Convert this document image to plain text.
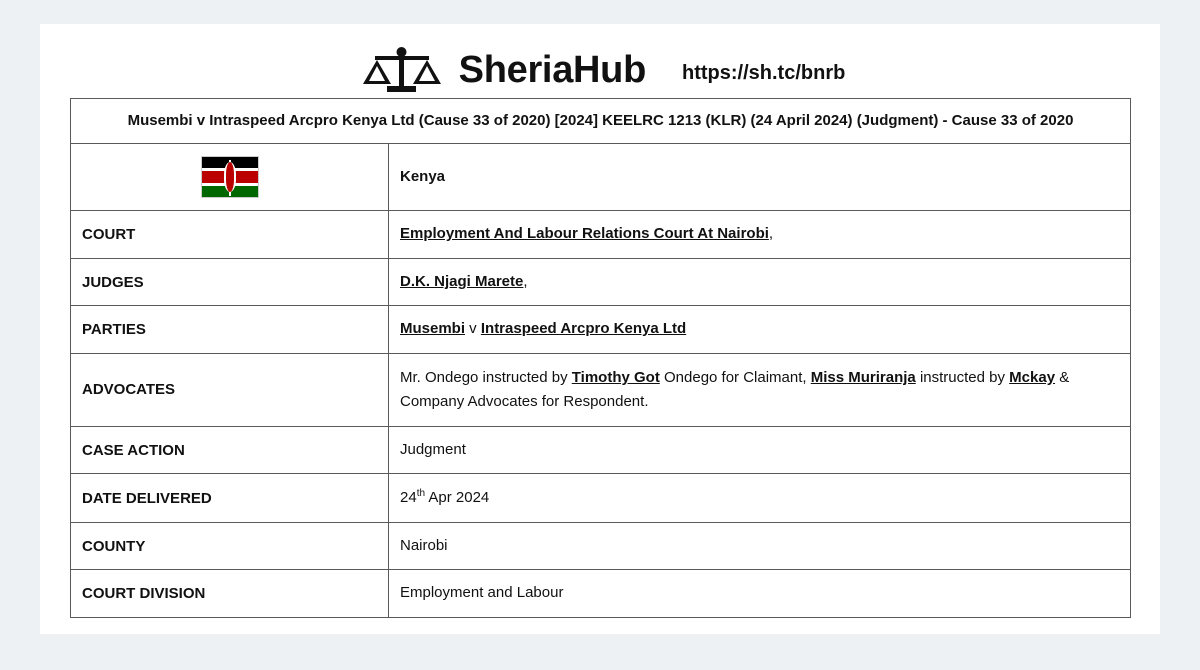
SheriaHub https://sh.tc/bnrb
Musembi v Intraspeed Arcpro Kenya Ltd (Cause 33 of 2020) [2024] KEELRC 1213 (KLR) (24 April 2024) (Judgment) - Cause 33 of 2020	

	Kenya
COURT	Employment And Labour Relations Court At Nairobi,
JUDGES	D.K. Njagi Marete,
PARTIES	Musembi v Intraspeed Arcpro Kenya Ltd
ADVOCATES	Mr. Ondego instructed by Timothy Got Ondego for Claimant, Miss Muriranja instructed by Mckay & Company Advocates for Respondent.
CASE ACTION	Judgment
DATE DELIVERED	24th Apr 2024
COUNTY	Nairobi
COURT DIVISION	Employment and Labour
